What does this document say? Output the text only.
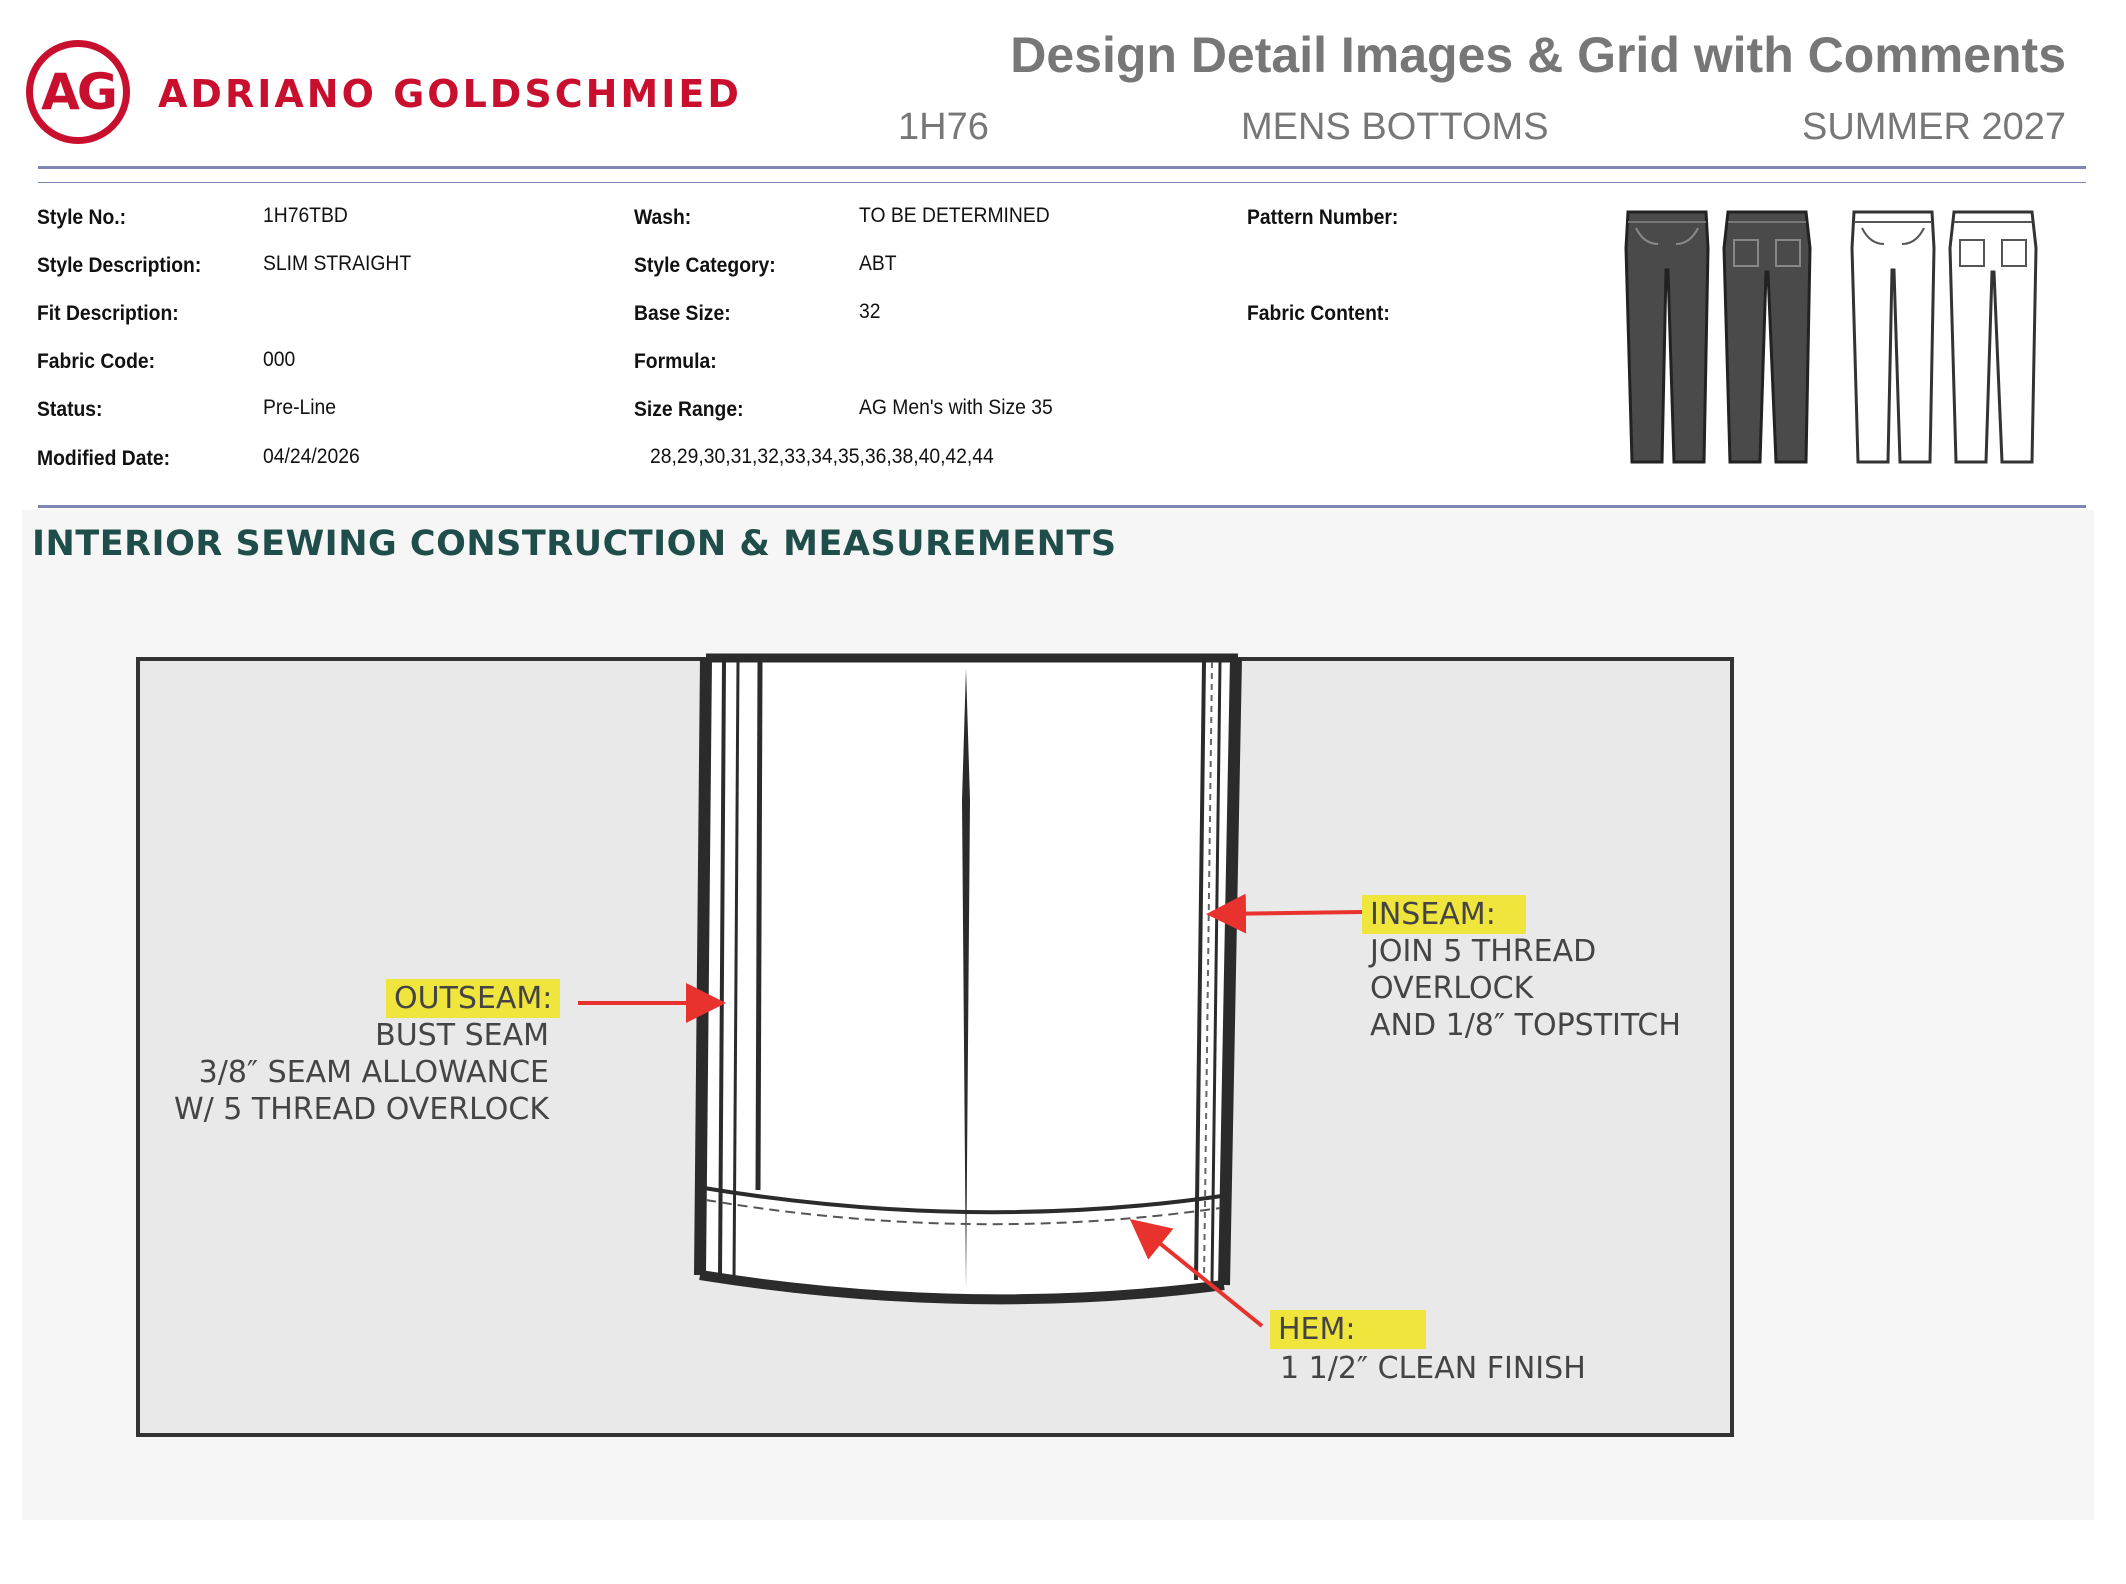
AG ADRIANO GOLDSCHMIED
Design Detail Images & Grid with Comments
1H76	MENS BOTTOMS	SUMMER 2027
Style No.:	1H76TBD
Style Description:	SLIM STRAIGHT
Fit Description:
Fabric Code:	000
Status:	Pre-Line
Modified Date:	04/24/2026
Wash:	TO BE DETERMINED
Style Category:	ABT
Base Size:	32
Formula:
Size Range:	AG Men's with Size 35
28,29,30,31,32,33,34,35,36,38,40,42,44
Pattern Number:
Fabric Content:
INTERIOR SEWING CONSTRUCTION & MEASUREMENTS
OUTSEAM:
BUST SEAM
3/8″ SEAM ALLOWANCE
W/ 5 THREAD OVERLOCK
INSEAM:
JOIN 5 THREAD
OVERLOCK
AND 1/8″ TOPSTITCH
HEM:
1 1/2″ CLEAN FINISH
